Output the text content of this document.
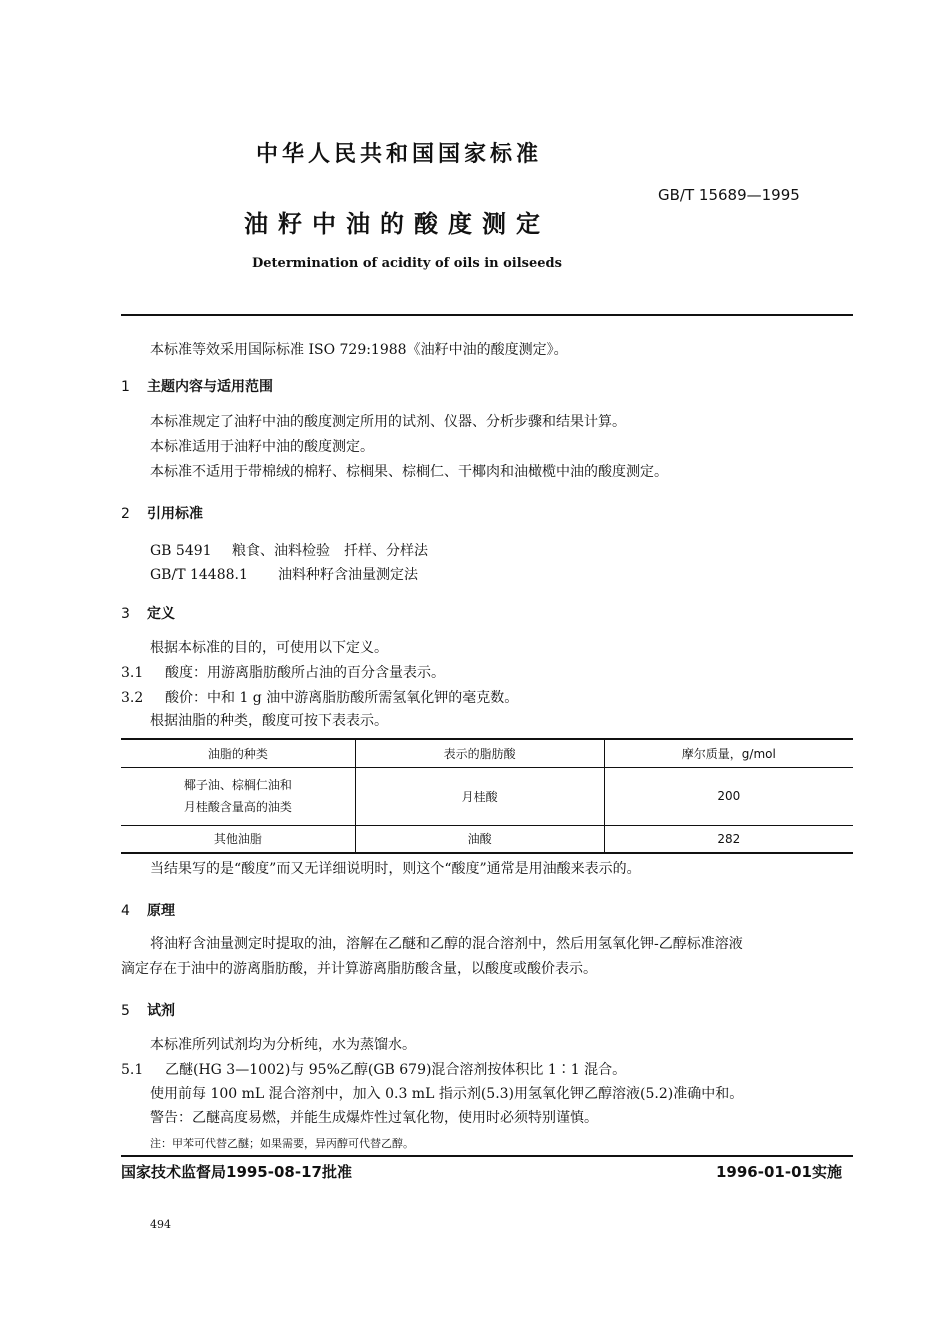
中华人民共和国国家标准
GB/T 15689—1995
油籽中油的酸度测定
Determination of acidity of oils in oilseeds
本标准等效采用国际标准 ISO 729:1988《油籽中油的酸度测定》。
1 主题内容与适用范围
本标准规定了油籽中油的酸度测定所用的试剂、仪器、分析步骤和结果计算。
本标准适用于油籽中油的酸度测定。
本标准不适用于带棉绒的棉籽、棕榈果、棕榈仁、干椰肉和油橄榄中油的酸度测定。
2 引用标准
GB 5491 粮食、油料检验　扦样、分样法
GB/T 14488.1 油料种籽含油量测定法
3 定义
根据本标准的目的，可使用以下定义。
3.1 酸度：用游离脂肪酸所占油的百分含量表示。
3.2 酸价：中和 1 g 油中游离脂肪酸所需氢氧化钾的毫克数。
根据油脂的种类，酸度可按下表表示。
油脂的种类	表示的脂肪酸	摩尔质量，g/mol

椰子油、棕榈仁油和
月桂酸含量高的油类	月桂酸	200
其他油脂	油酸	282
当结果写的是“酸度”而又无详细说明时，则这个“酸度”通常是用油酸来表示的。
4 原理
将油籽含油量测定时提取的油，溶解在乙醚和乙醇的混合溶剂中，然后用氢氧化钾-乙醇标准溶液
滴定存在于油中的游离脂肪酸，并计算游离脂肪酸含量，以酸度或酸价表示。
5 试剂
本标准所列试剂均为分析纯，水为蒸馏水。
5.1 乙醚(HG 3—1002)与 95%乙醇(GB 679)混合溶剂按体积比 1∶1 混合。
使用前每 100 mL 混合溶剂中，加入 0.3 mL 指示剂(5.3)用氢氧化钾乙醇溶液(5.2)准确中和。
警告：乙醚高度易燃，并能生成爆炸性过氧化物，使用时必须特别谨慎。
注：甲苯可代替乙醚；如果需要，异丙醇可代替乙醇。
国家技术监督局1995-08-17批准	1996-01-01实施
494
